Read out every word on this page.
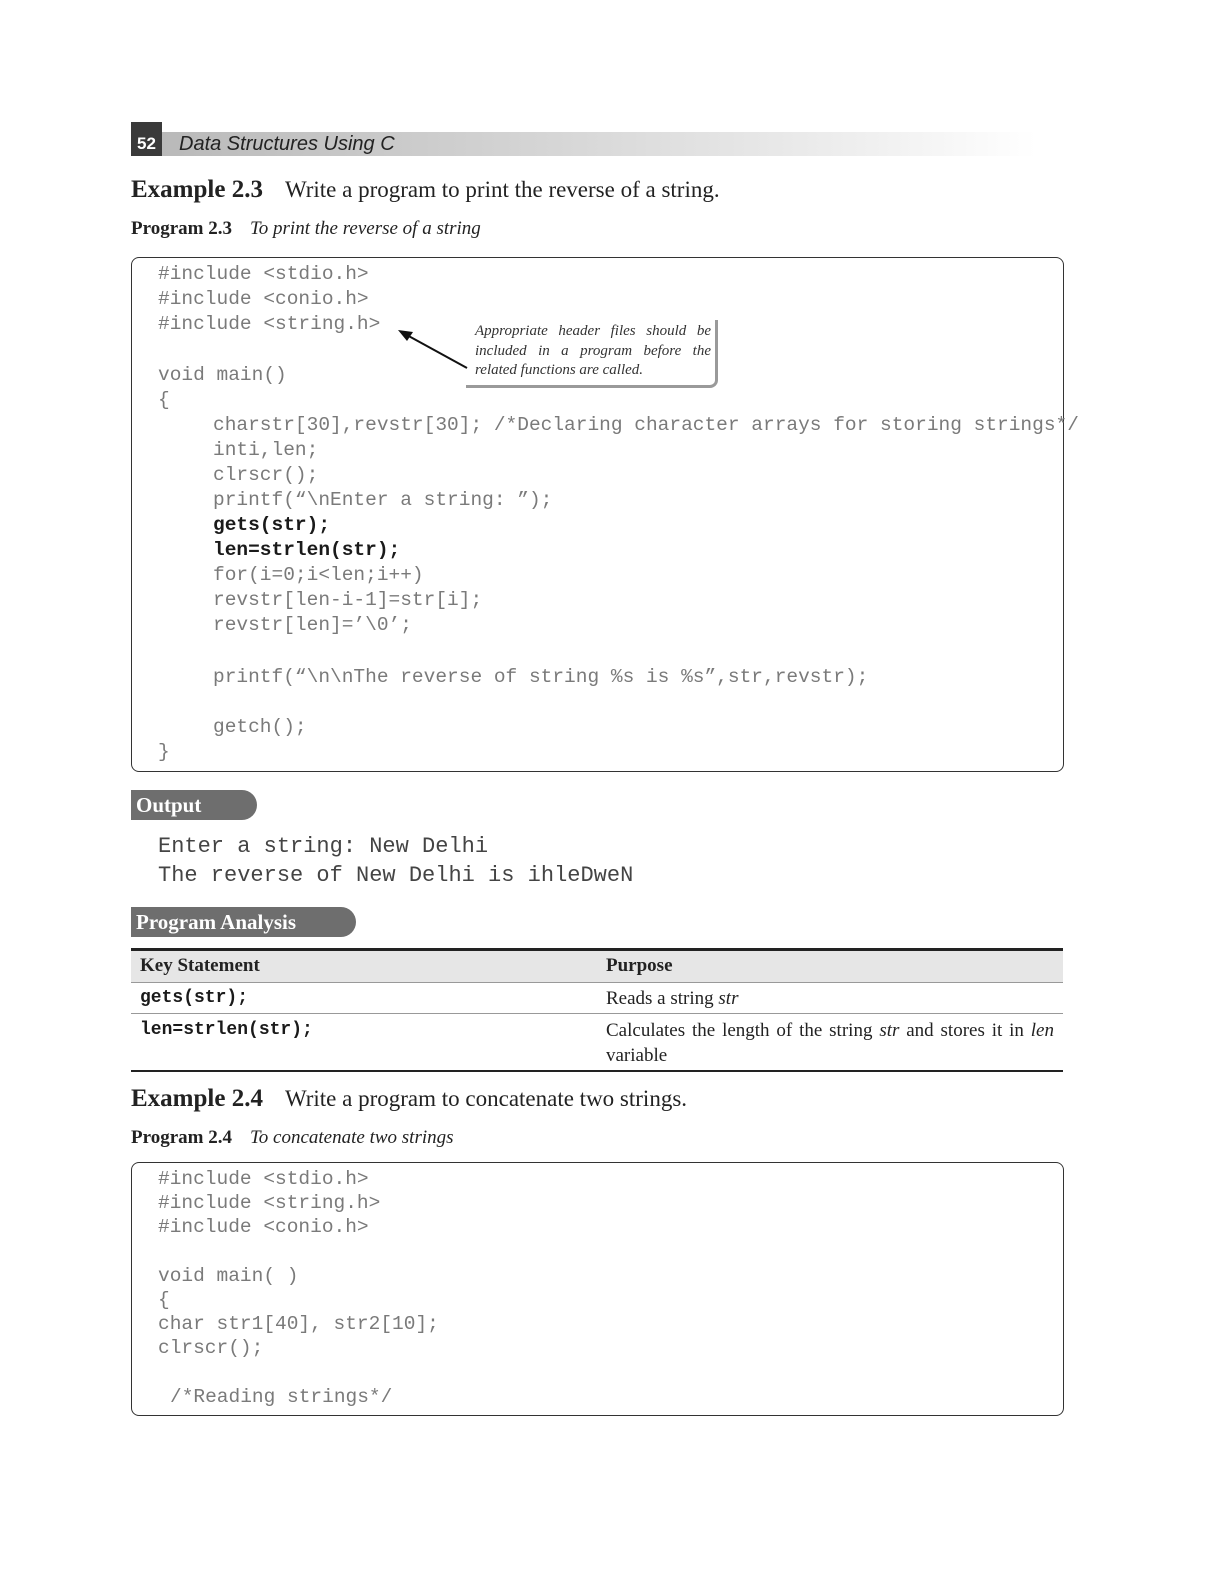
52	Data Structures Using C
Example 2.3 Write a program to print the reverse of a string.
Program 2.3 To print the reverse of a string
#include <stdio.h>
#include <conio.h>
#include <string.h>
void main()
{
charstr[30],revstr[30]; /*Declaring character arrays for storing strings*/
inti,len;
clrscr();
printf(“\nEnter a string: ”);
gets(str);
len=strlen(str);
for(i=0;i<len;i++)
revstr[len-i-1]=str[i];
revstr[len]=’\0’;
printf(“\n\nThe reverse of string %s is %s”,str,revstr);
getch();
}
Appropriate header files should be included in a program before the related functions are called.
Output
Enter a string: New Delhi
The reverse of New Delhi is ihleDweN
Program Analysis
Key Statement	Purpose
gets(str);	Reads a string str
len=strlen(str);	Calculates the length of the string str and stores it in len variable
Example 2.4 Write a program to concatenate two strings.
Program 2.4 To concatenate two strings
#include <stdio.h>
#include <string.h>
#include <conio.h>
void main( )
{
char str1[40], str2[10];
clrscr();
/*Reading strings*/
